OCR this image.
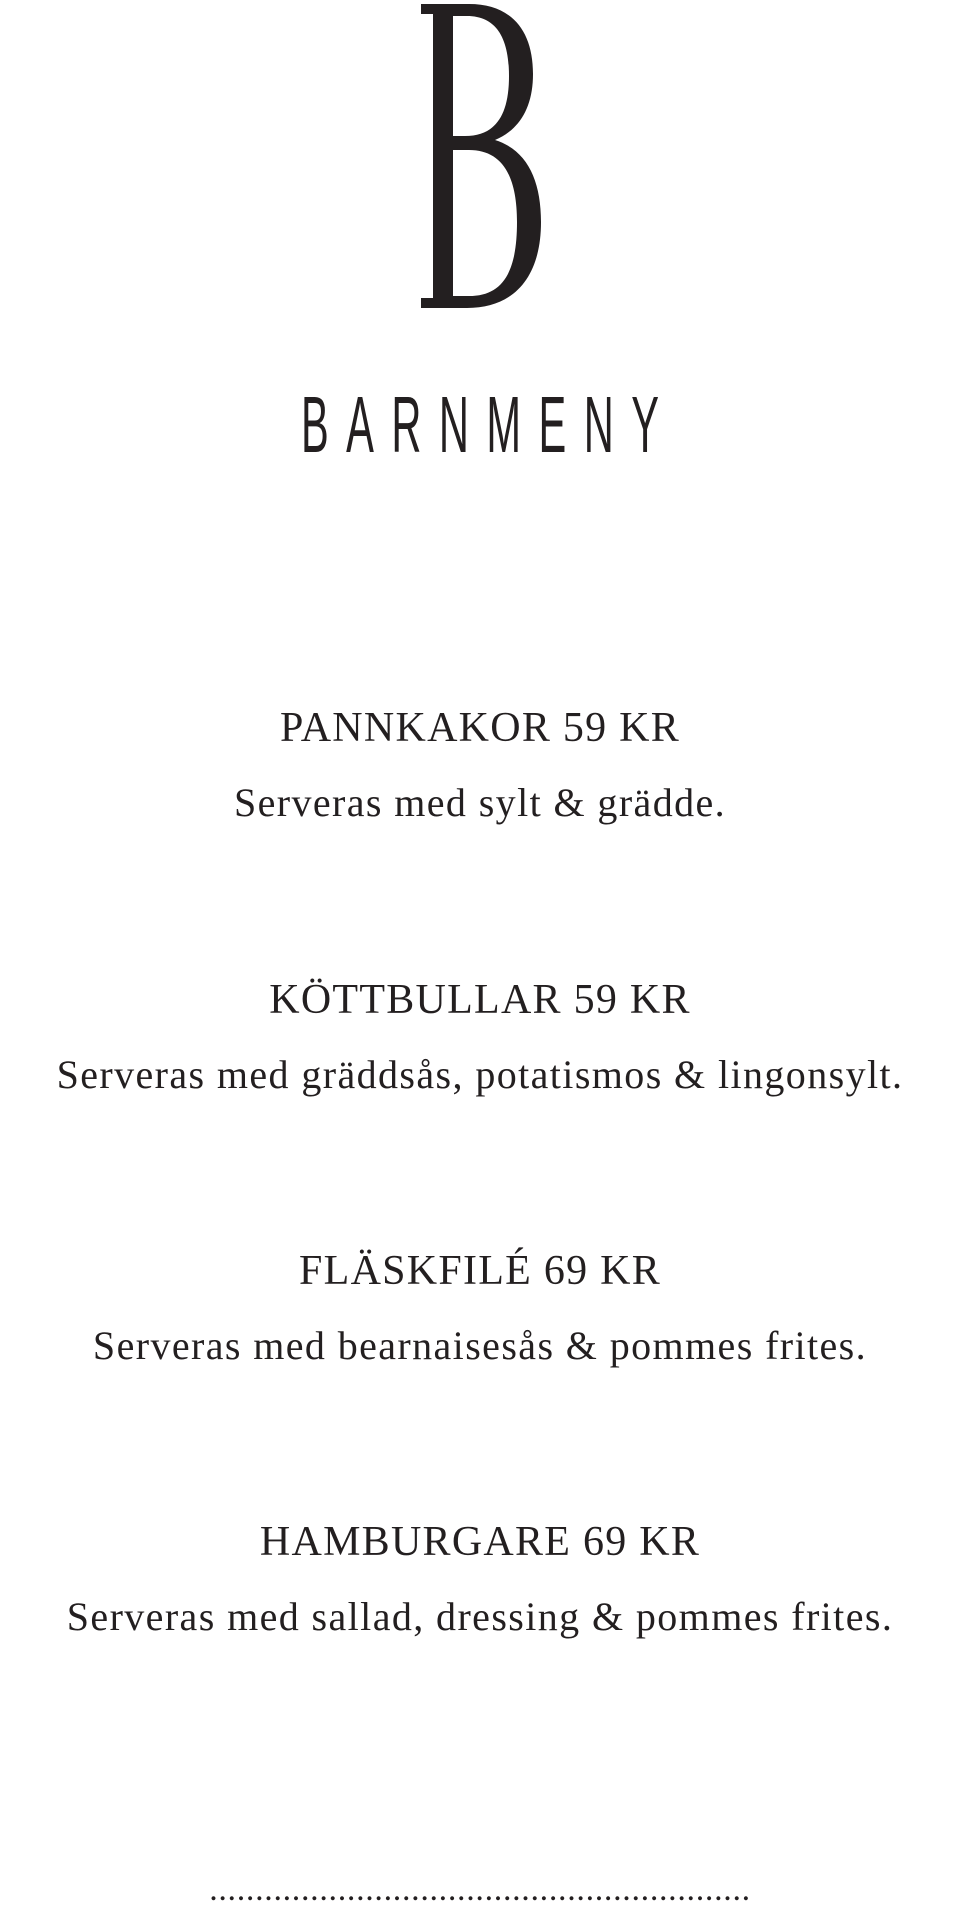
BARNMENY
PANNKAKOR 59 KR
Serveras med sylt & grädde.
KÖTTBULLAR 59 KR
Serveras med gräddsås, potatismos & lingonsylt.
FLÄSKFILÉ 69 KR
Serveras med bearnaisesås & pommes frites.
HAMBURGARE 69 KR
Serveras med sallad, dressing & pommes frites.
...........................................................
